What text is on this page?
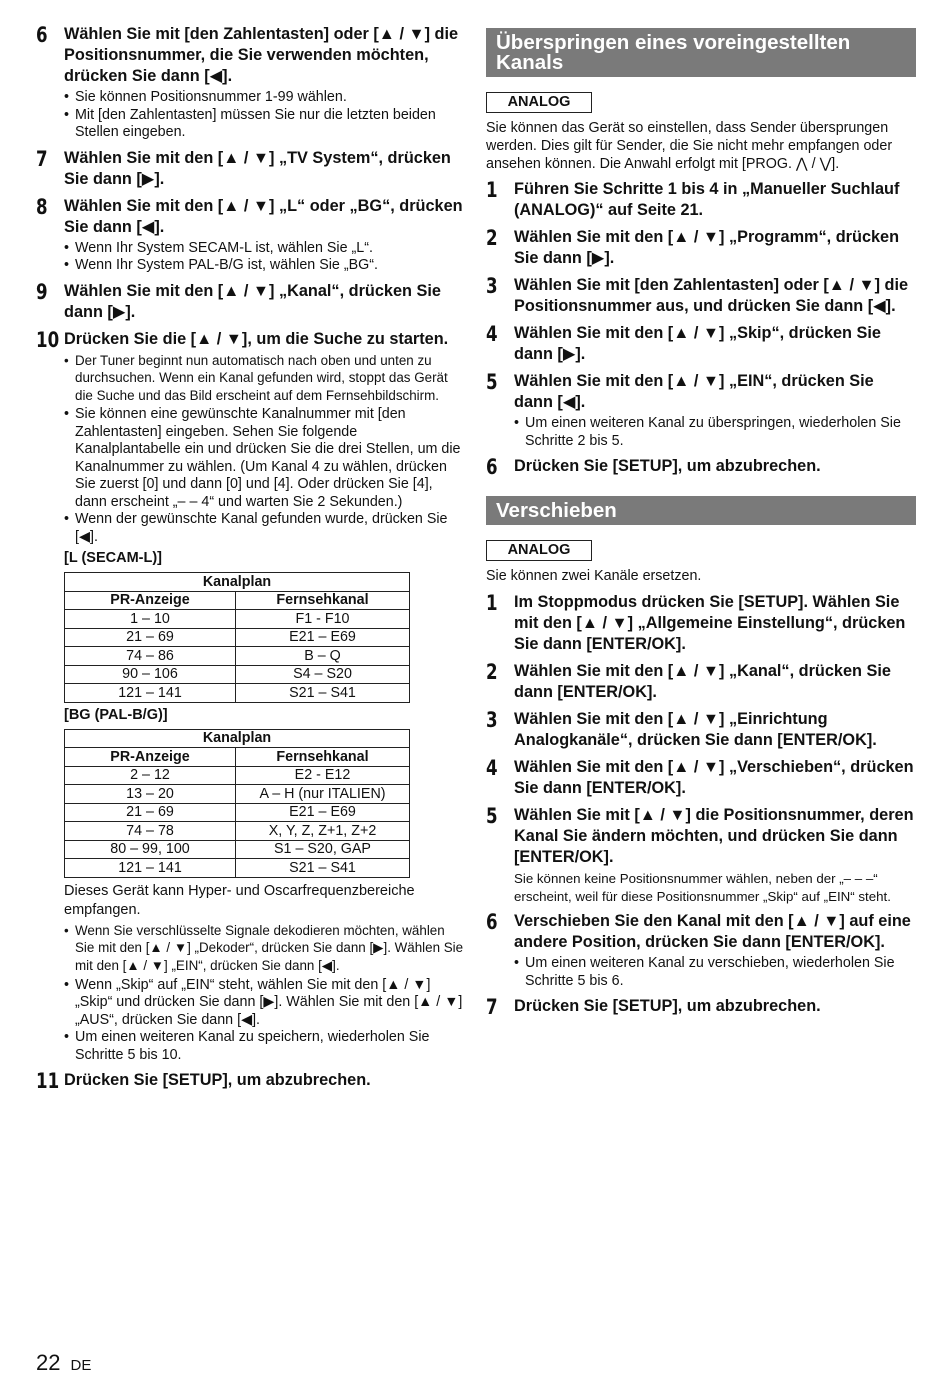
6	Wählen Sie mit [den Zahlentasten] oder [▲ / ▼] die Positionsnummer, die Sie verwenden möchten, drücken Sie dann [◀].
• Sie können Positionsnummer 1-99 wählen.
• Mit [den Zahlentasten] müssen Sie nur die letzten beiden Stellen eingeben.
7	Wählen Sie mit den [▲ / ▼] „TV System“, drücken Sie dann [▶].
8	Wählen Sie mit den [▲ / ▼] „L“ oder „BG“, drücken Sie dann [◀].
• Wenn Ihr System SECAM-L ist, wählen Sie „L“.
• Wenn Ihr System PAL-B/G ist, wählen Sie „BG“.
9	Wählen Sie mit den [▲ / ▼] „Kanal“, drücken Sie dann [▶].
10 Drücken Sie die [▲ / ▼], um die Suche zu starten.
• Der Tuner beginnt nun automatisch nach oben und unten zu durchsuchen. Wenn ein Kanal gefunden wird, stoppt das Gerät die Suche und das Bild erscheint auf dem Fernsehbildschirm.
• Sie können eine gewünschte Kanalnummer mit [den Zahlentasten] eingeben. Sehen Sie folgende Kanalplantabelle ein und drücken Sie die drei Stellen, um die Kanalnummer zu wählen. (Um Kanal 4 zu wählen, drücken Sie zuerst [0] und dann [0] und [4]. Oder drücken Sie [4], dann erscheint „– – 4“ und warten Sie 2 Sekunden.)
• Wenn der gewünschte Kanal gefunden wurde, drücken Sie [◀].
[L (SECAM-L)]
Kanalplan	
PR-Anzeige	Fernsehkanal
1 – 10	F1 - F10
21 – 69	E21 – E69
74 – 86	B – Q
90 – 106	S4 – S20
121 – 141	S21 – S41
[BG (PAL-B/G)]
Kanalplan	
PR-Anzeige	Fernsehkanal
2 – 12	E2 - E12
13 – 20	A – H (nur ITALIEN)
21 – 69	E21 – E69
74 – 78	X, Y, Z, Z+1, Z+2
80 – 99, 100	S1 – S20, GAP
121 – 141	S21 – S41
Dieses Gerät kann Hyper- und Oscarfrequenzbereiche empfangen.
• Wenn Sie verschlüsselte Signale dekodieren möchten, wählen Sie mit den [▲ / ▼] „Dekoder“, drücken Sie dann [▶]. Wählen Sie mit den [▲ / ▼] „EIN“, drücken Sie dann [◀].
• Wenn „Skip“ auf „EIN“ steht, wählen Sie mit den [▲ / ▼] „Skip“ und drücken Sie dann [▶]. Wählen Sie mit den [▲ / ▼] „AUS“, drücken Sie dann [◀].
• Um einen weiteren Kanal zu speichern, wiederholen Sie Schritte 5 bis 10.
11 Drücken Sie [SETUP], um abzubrechen.
Überspringen eines voreingestellten Kanals
ANALOG
Sie können das Gerät so einstellen, dass Sender übersprungen werden. Dies gilt für Sender, die Sie nicht mehr empfangen oder ansehen können. Die Anwahl erfolgt mit [PROG. ⋀ / ⋁].
1	Führen Sie Schritte 1 bis 4 in „Manueller Suchlauf (ANALOG)“ auf Seite 21.
2	Wählen Sie mit den [▲ / ▼] „Programm“, drücken Sie dann [▶].
3	Wählen Sie mit [den Zahlentasten] oder [▲ / ▼] die Positionsnummer aus, und drücken Sie dann [◀].
4	Wählen Sie mit den [▲ / ▼] „Skip“, drücken Sie dann [▶].
5	Wählen Sie mit den [▲ / ▼] „EIN“, drücken Sie dann [◀].
• Um einen weiteren Kanal zu überspringen, wiederholen Sie Schritte 2 bis 5.
6	Drücken Sie [SETUP], um abzubrechen.
Verschieben
ANALOG
Sie können zwei Kanäle ersetzen.
1	Im Stoppmodus drücken Sie [SETUP]. Wählen Sie mit den [▲ / ▼] „Allgemeine Einstellung“, drücken Sie dann [ENTER/OK].
2	Wählen Sie mit den [▲ / ▼] „Kanal“, drücken Sie dann [ENTER/OK].
3	Wählen Sie mit den [▲ / ▼] „Einrichtung Analogkanäle“, drücken Sie dann [ENTER/OK].
4	Wählen Sie mit den [▲ / ▼] „Verschieben“, drücken Sie dann [ENTER/OK].
5	Wählen Sie mit [▲ / ▼] die Positionsnummer, deren Kanal Sie ändern möchten, und drücken Sie dann [ENTER/OK].
Sie können keine Positionsnummer wählen, neben der „– – –“ erscheint, weil für diese Positionsnummer „Skip“ auf „EIN“ steht.
6	Verschieben Sie den Kanal mit den [▲ / ▼] auf eine andere Position, drücken Sie dann [ENTER/OK].
• Um einen weiteren Kanal zu verschieben, wiederholen Sie Schritte 5 bis 6.
7	Drücken Sie [SETUP], um abzubrechen.
22 DE
